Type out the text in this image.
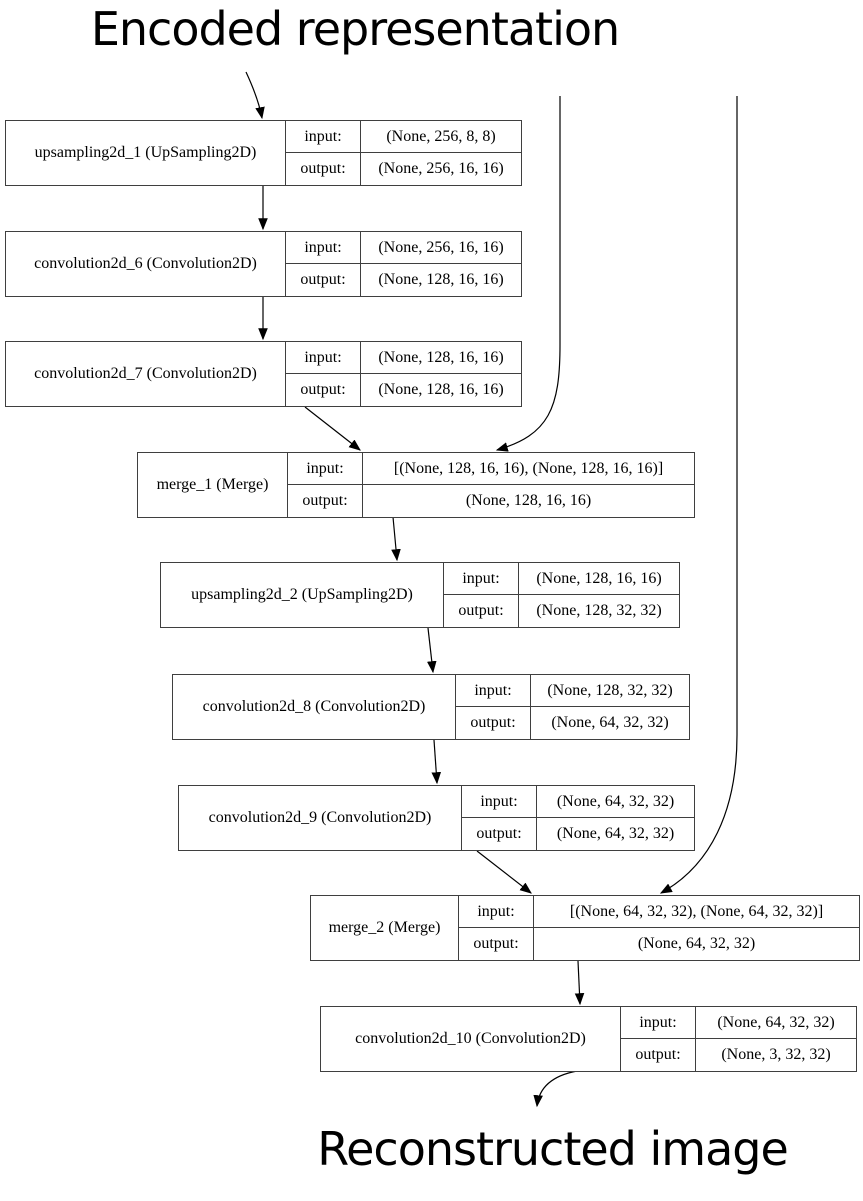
Encoded representation
upsampling2d_1 (UpSampling2D)
input:	(None, 256, 8, 8)
output:	(None, 256, 16, 16)
convolution2d_6 (Convolution2D)
input:	(None, 256, 16, 16)
output:	(None, 128, 16, 16)
convolution2d_7 (Convolution2D)
input:	(None, 128, 16, 16)
output:	(None, 128, 16, 16)
merge_1 (Merge)
input:	[(None, 128, 16, 16), (None, 128, 16, 16)]
output:	(None, 128, 16, 16)
upsampling2d_2 (UpSampling2D)
input:	(None, 128, 16, 16)
output:	(None, 128, 32, 32)
convolution2d_8 (Convolution2D)
input:	(None, 128, 32, 32)
output:	(None, 64, 32, 32)
convolution2d_9 (Convolution2D)
input:	(None, 64, 32, 32)
output:	(None, 64, 32, 32)
merge_2 (Merge)
input:	[(None, 64, 32, 32), (None, 64, 32, 32)]
output:	(None, 64, 32, 32)
convolution2d_10 (Convolution2D)
input:	(None, 64, 32, 32)
output:	(None, 3, 32, 32)
Reconstructed image
